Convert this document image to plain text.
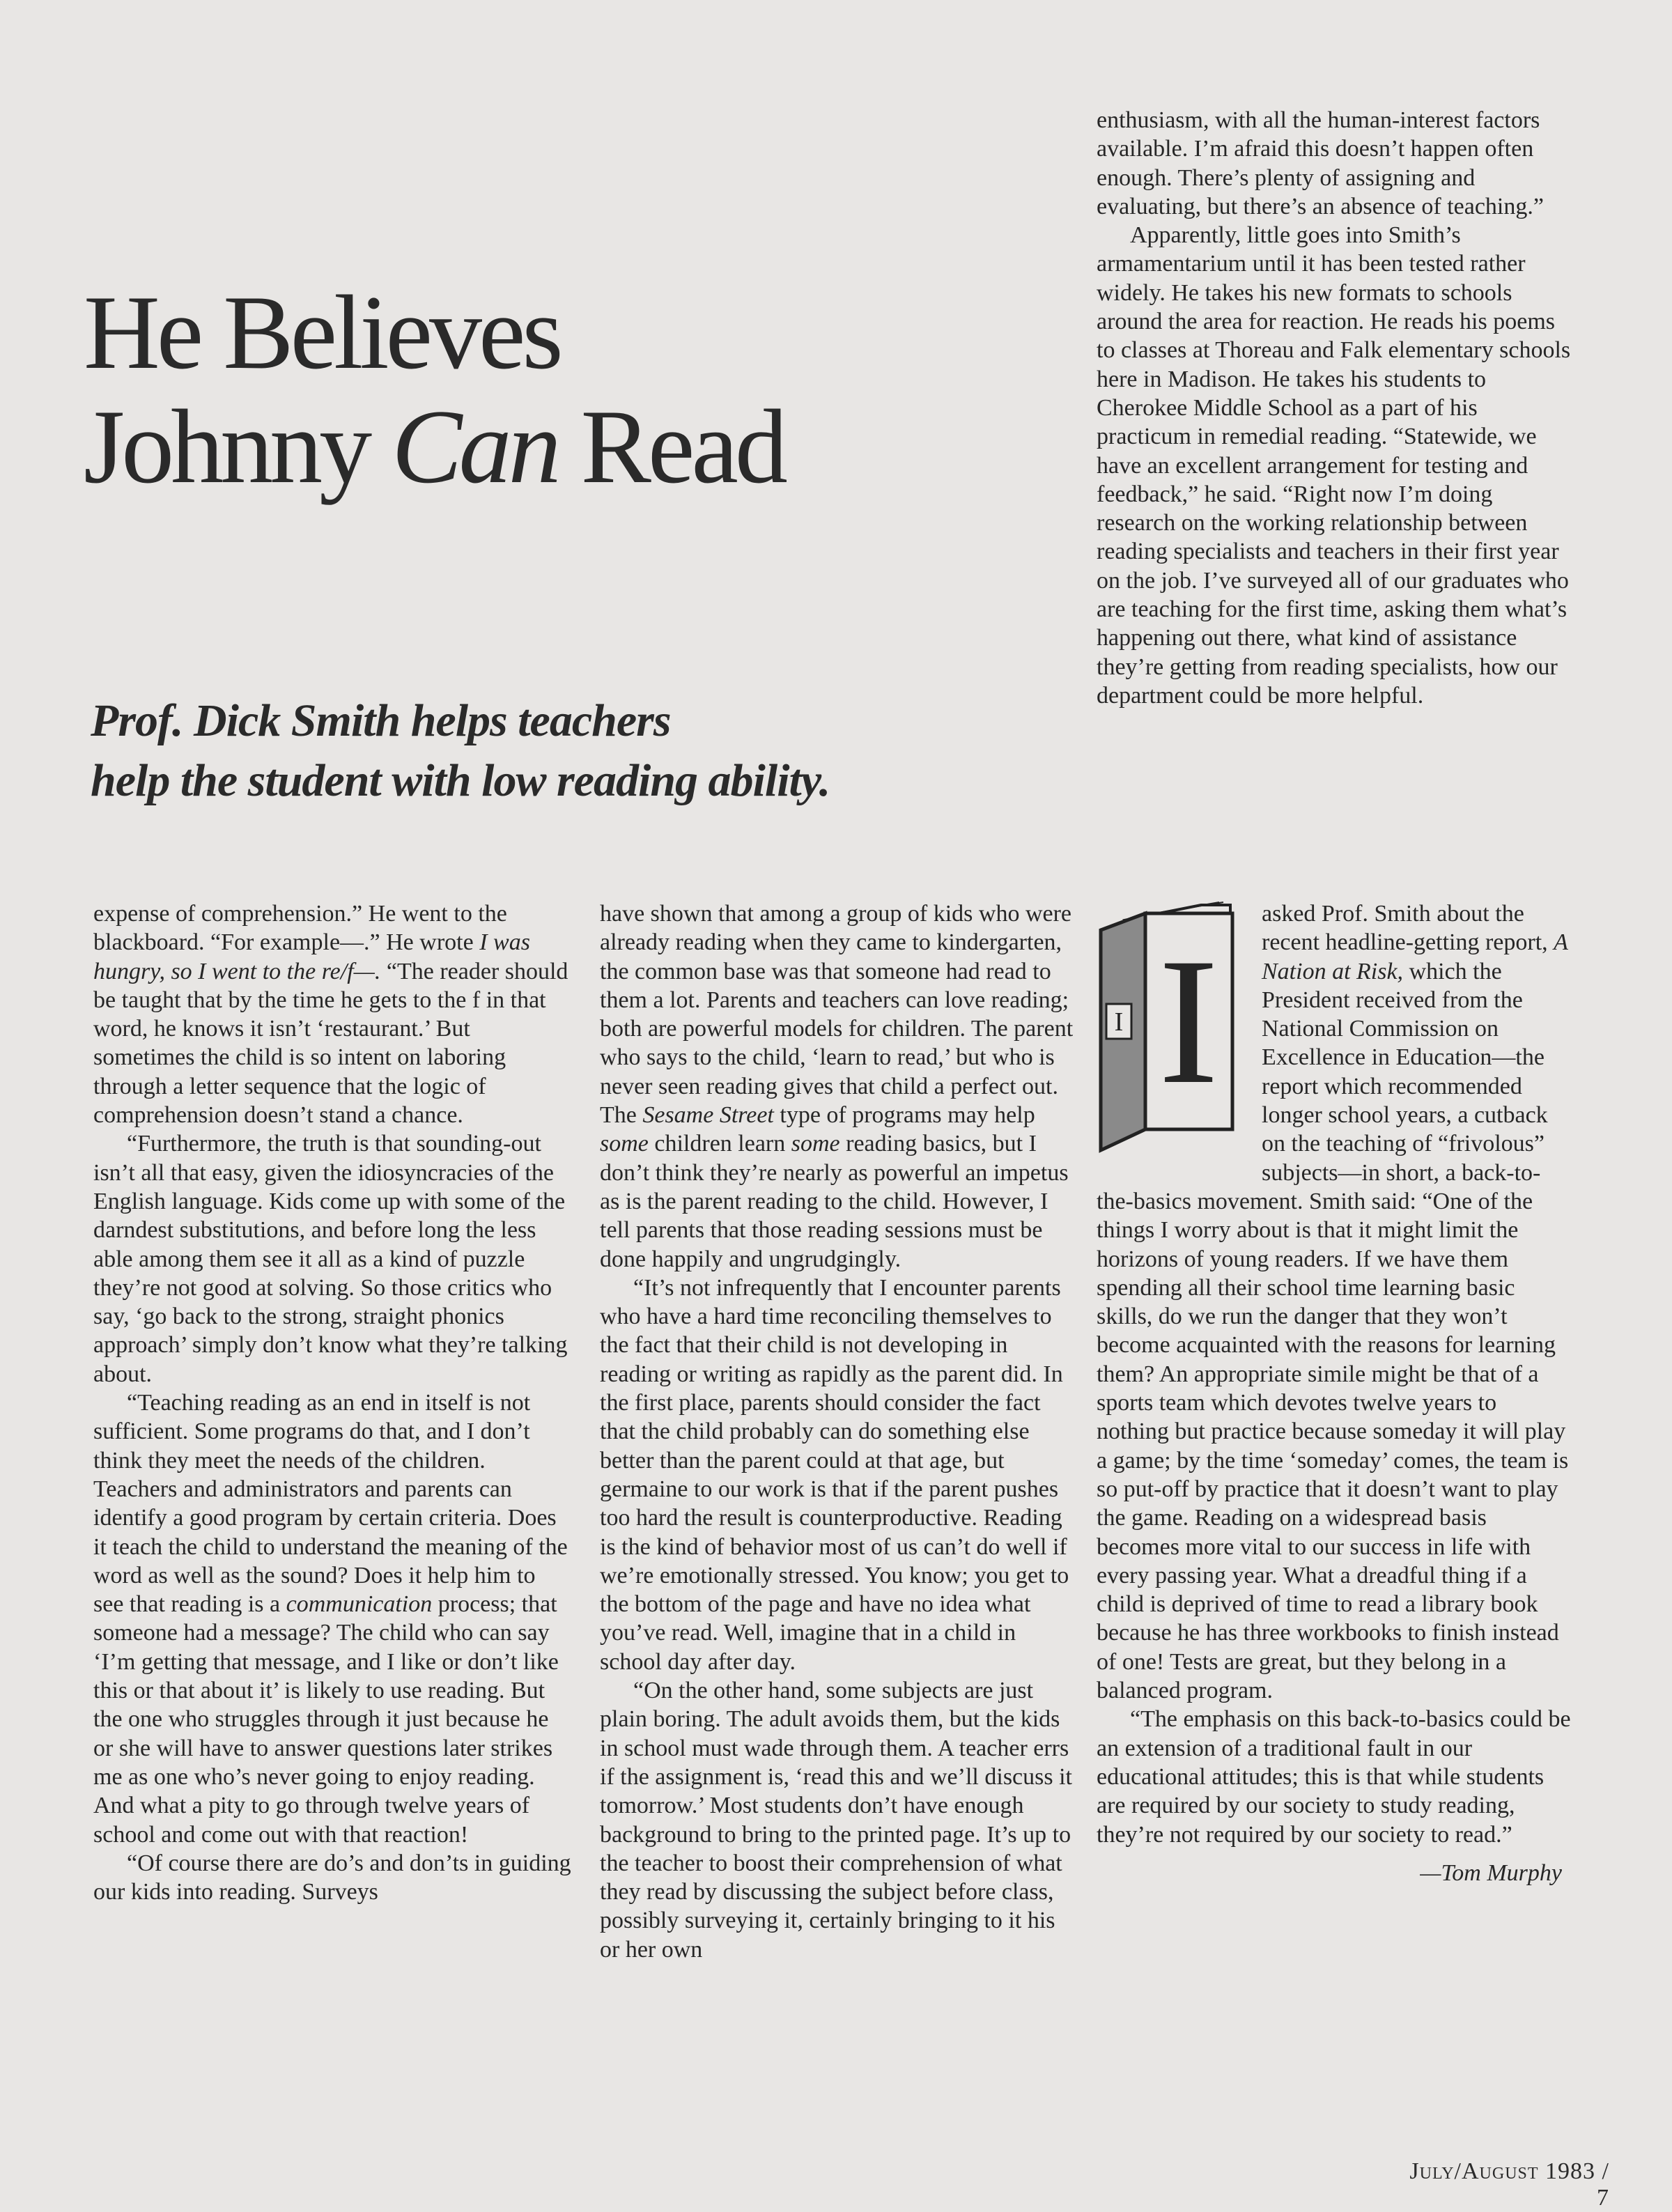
He Believes
Johnny Can Read
Prof. Dick Smith helps teachers
help the student with low reading ability.

enthusiasm, with all the human-interest factors available. I’m afraid this doesn’t happen often enough. There’s plenty of assigning and evaluating, but there’s an absence of teaching.”

Apparently, little goes into Smith’s armamentarium until it has been tested rather widely. He takes his new formats to schools around the area for reaction. He reads his poems to classes at Thoreau and Falk elementary schools here in Madison. He takes his students to Cherokee Middle School as a part of his practicum in remedial reading. “Statewide, we have an excellent arrangement for testing and feedback,” he said. “Right now I’m doing research on the working relationship between reading specialists and teachers in their first year on the job. I’ve surveyed all of our graduates who are teaching for the first time, asking them what’s happening out there, what kind of assistance they’re getting from reading specialists, how our department could be more helpful.

expense of comprehension.” He went to the blackboard. “For example—.” He wrote I was hungry, so I went to the re/f—. “The reader should be taught that by the time he gets to the f in that word, he knows it isn’t ‘restaurant.’ But sometimes the child is so intent on laboring through a letter sequence that the logic of comprehension doesn’t stand a chance.

“Furthermore, the truth is that sounding-out isn’t all that easy, given the idiosyncracies of the English language. Kids come up with some of the darndest substitutions, and before long the less able among them see it all as a kind of puzzle they’re not good at solving. So those critics who say, ‘go back to the strong, straight phonics approach’ simply don’t know what they’re talking about.

“Teaching reading as an end in itself is not sufficient. Some programs do that, and I don’t think they meet the needs of the children. Teachers and administrators and parents can identify a good program by certain criteria. Does it teach the child to understand the meaning of the word as well as the sound? Does it help him to see that reading is a communication process; that someone had a message? The child who can say ‘I’m getting that message, and I like or don’t like this or that about it’ is likely to use reading. But the one who struggles through it just because he or she will have to answer questions later strikes me as one who’s never going to enjoy reading. And what a pity to go through twelve years of school and come out with that reaction!

“Of course there are do’s and don’ts in guiding our kids into reading. Surveys

have shown that among a group of kids who were already reading when they came to kindergarten, the common base was that someone had read to them a lot. Parents and teachers can love reading; both are powerful models for children. The parent who says to the child, ‘learn to read,’ but who is never seen reading gives that child a perfect out. The Sesame Street type of programs may help some children learn some reading basics, but I don’t think they’re nearly as powerful an impetus as is the parent reading to the child. However, I tell parents that those reading sessions must be done happily and ungrudgingly.

“It’s not infrequently that I encounter parents who have a hard time reconciling themselves to the fact that their child is not developing in reading or writing as rapidly as the parent did. In the first place, parents should consider the fact that the child probably can do something else better than the parent could at that age, but germaine to our work is that if the parent pushes too hard the result is counterproductive. Reading is the kind of behavior most of us can’t do well if we’re emotionally stressed. You know; you get to the bottom of the page and have no idea what you’ve read. Well, imagine that in a child in school day after day.

“On the other hand, some subjects are just plain boring. The adult avoids them, but the kids in school must wade through them. A teacher errs if the assignment is, ‘read this and we’ll discuss it tomorrow.’ Most students don’t have enough background to bring to the printed page. It’s up to the teacher to boost their comprehension of what they read by discussing the subject before class, possibly surveying it, certainly bringing to it his or her own

I I

asked Prof. Smith about the recent headline-getting report, A Nation at Risk, which the President received from the National Commission on Excellence in Education—the report which recommended longer school years, a cutback on the teaching of “frivolous” subjects—in short, a back-to-the-basics movement. Smith said: “One of the things I worry about is that it might limit the horizons of young readers. If we have them spending all their school time learning basic skills, do we run the danger that they won’t become acquainted with the reasons for learning them? An appropriate simile might be that of a sports team which devotes twelve years to nothing but practice because someday it will play a game; by the time ‘someday’ comes, the team is so put-off by practice that it doesn’t want to play the game. Reading on a widespread basis becomes more vital to our success in life with every passing year. What a dreadful thing if a child is deprived of time to read a library book because he has three workbooks to finish instead of one! Tests are great, but they belong in a balanced program.

“The emphasis on this back-to-basics could be an extension of a traditional fault in our educational attitudes; this is that while students are required by our society to study reading, they’re not required by our society to read.”

—Tom Murphy

July/August 1983 / 7
